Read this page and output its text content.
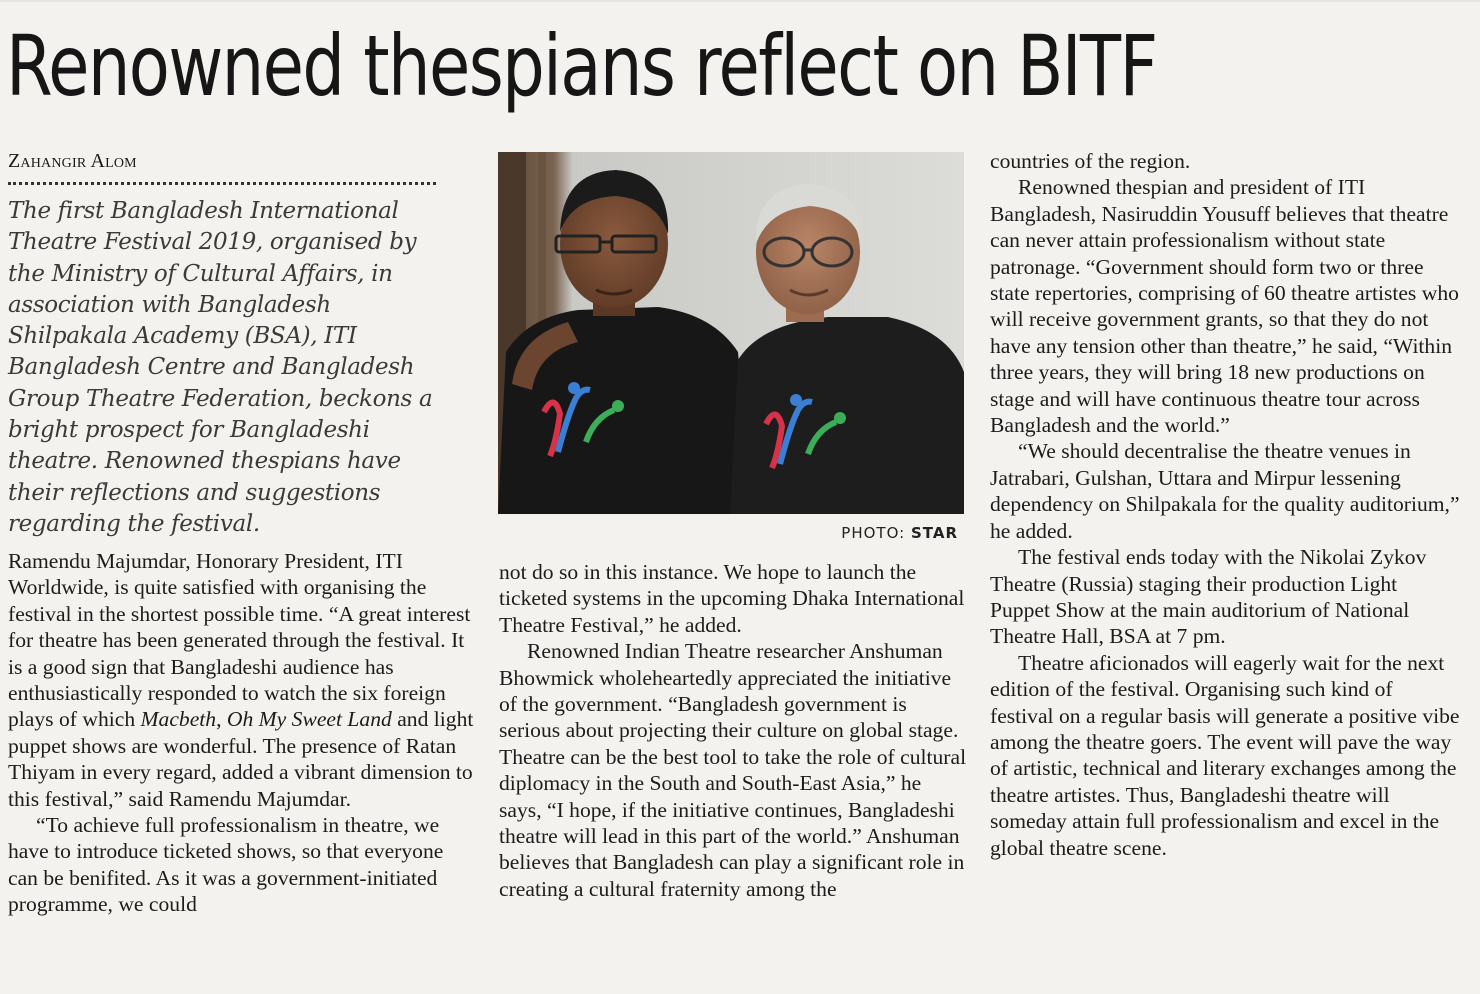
Renowned thespians reflect on BITF
Zahangir Alom

The first Bangladesh International Theatre Festival 2019, organised by the Ministry of Cultural Affairs, in association with Bangladesh Shilpakala Academy (BSA), ITI Bangladesh Centre and Bangladesh Group Theatre Federation, beckons a bright prospect for Bangladeshi theatre. Renowned thespians have their reflections and suggestions regarding the festival.

Ramendu Majumdar, Honorary President, ITI Worldwide, is quite satisfied with organising the festival in the shortest possible time. “A great interest for theatre has been generated through the festival. It is a good sign that Bangladeshi audience has enthusiastically responded to watch the six foreign plays of which Macbeth, Oh My Sweet Land and light puppet shows are wonderful. The presence of Ratan Thiyam in every regard, added a vibrant dimension to this festival,” said Ramendu Majumdar.

“To achieve full professionalism in theatre, we have to introduce ticketed shows, so that everyone can be benifited. As it was a government-initiated programme, we could

PHOTO: STAR

not do so in this instance. We hope to launch the ticketed systems in the upcoming Dhaka International Theatre Festival,” he added.

Renowned Indian Theatre researcher Anshuman Bhowmick wholeheartedly appreciated the initiative of the government. “Bangladesh government is serious about projecting their culture on global stage. Theatre can be the best tool to take the role of cultural diplomacy in the South and South-East Asia,” he says, “I hope, if the initiative continues, Bangladeshi theatre will lead in this part of the world.” Anshuman believes that Bangladesh can play a significant role in creating a cultural fraternity among the

countries of the region.

Renowned thespian and president of ITI Bangladesh, Nasiruddin Yousuff believes that theatre can never attain professionalism without state patronage. “Government should form two or three state repertories, comprising of 60 theatre artistes who will receive government grants, so that they do not have any tension other than theatre,” he said, “Within three years, they will bring 18 new productions on stage and will have continuous theatre tour across Bangladesh and the world.”

“We should decentralise the theatre venues in Jatrabari, Gulshan, Uttara and Mirpur lessening dependency on Shilpakala for the quality auditorium,” he added.

The festival ends today with the Nikolai Zykov Theatre (Russia) staging their production Light Puppet Show at the main auditorium of National Theatre Hall, BSA at 7 pm.

Theatre aficionados will eagerly wait for the next edition of the festival. Organising such kind of festival on a regular basis will generate a positive vibe among the theatre goers. The event will pave the way of artistic, technical and literary exchanges among the theatre artistes. Thus, Bangladeshi theatre will someday attain full professionalism and excel in the global theatre scene.
